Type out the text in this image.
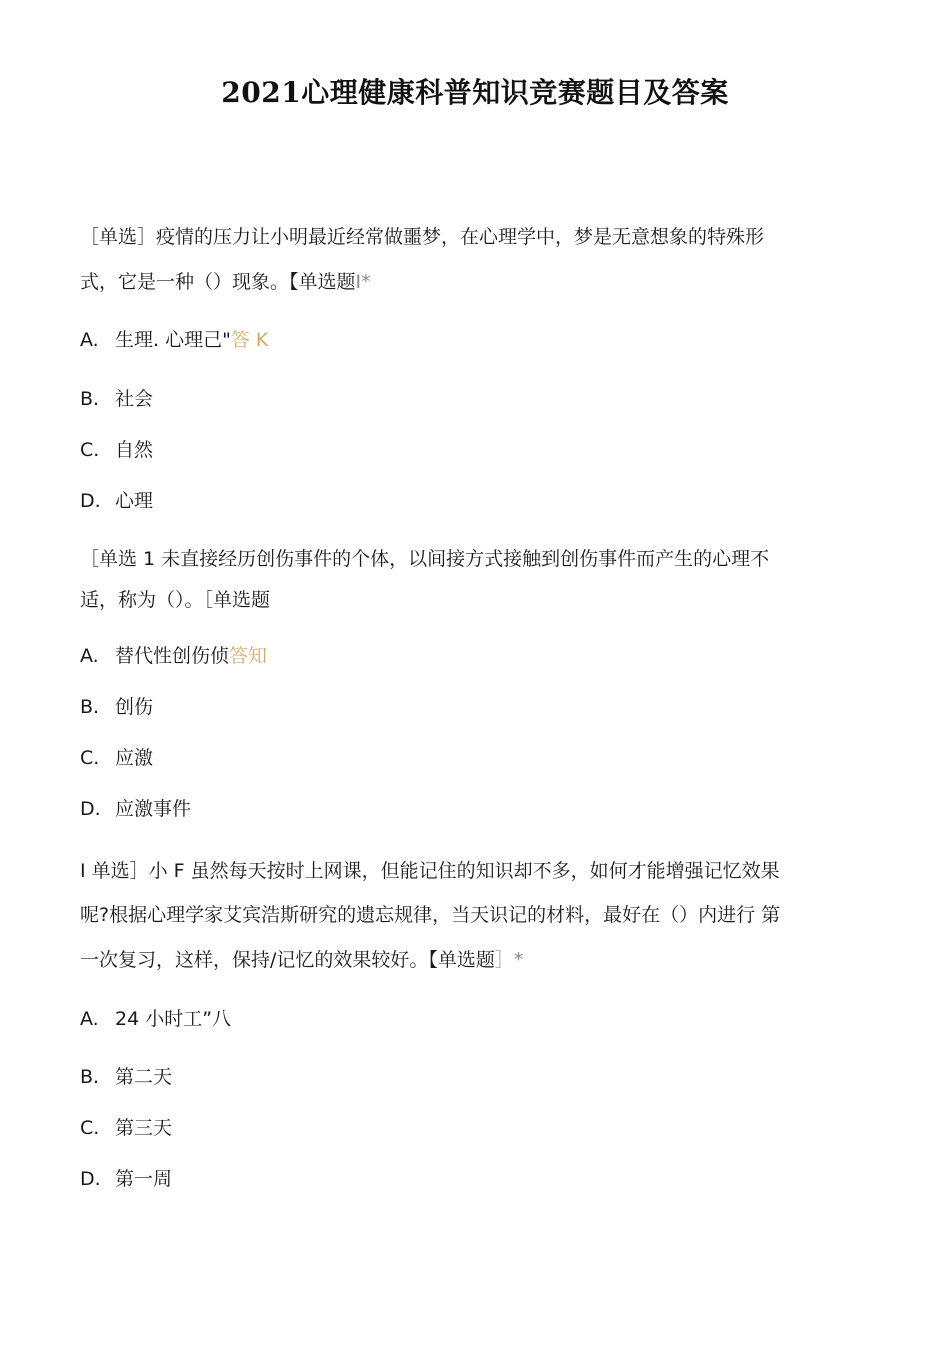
2021心理健康科普知识竞赛题目及答案
［单选］疫情的压力让小明最近经常做噩梦，在心理学中，梦是无意想象的特殊形
式，它是一种（）现象。【单选题I*
A. 生理. 心理己"答 K
B. 社会
C. 自然
D. 心理
［单选 1 未直接经历创伤事件的个体，以间接方式接触到创伤事件而产生的心理不
适，称为（）。［单选题
A. 替代性创伤侦答知
B. 创伤
C. 应激
D. 应激事件
I 单选］小 F 虽然每天按时上网课，但能记住的知识却不多，如何才能增强记忆效果
呢?根据心理学家艾宾浩斯研究的遗忘规律，当天识记的材料，最好在（）内进行 第
一次复习，这样，保持/记忆的效果较好。【单选题］*
A. 24 小时工”八
B. 第二天
C. 第三天
D. 第一周
